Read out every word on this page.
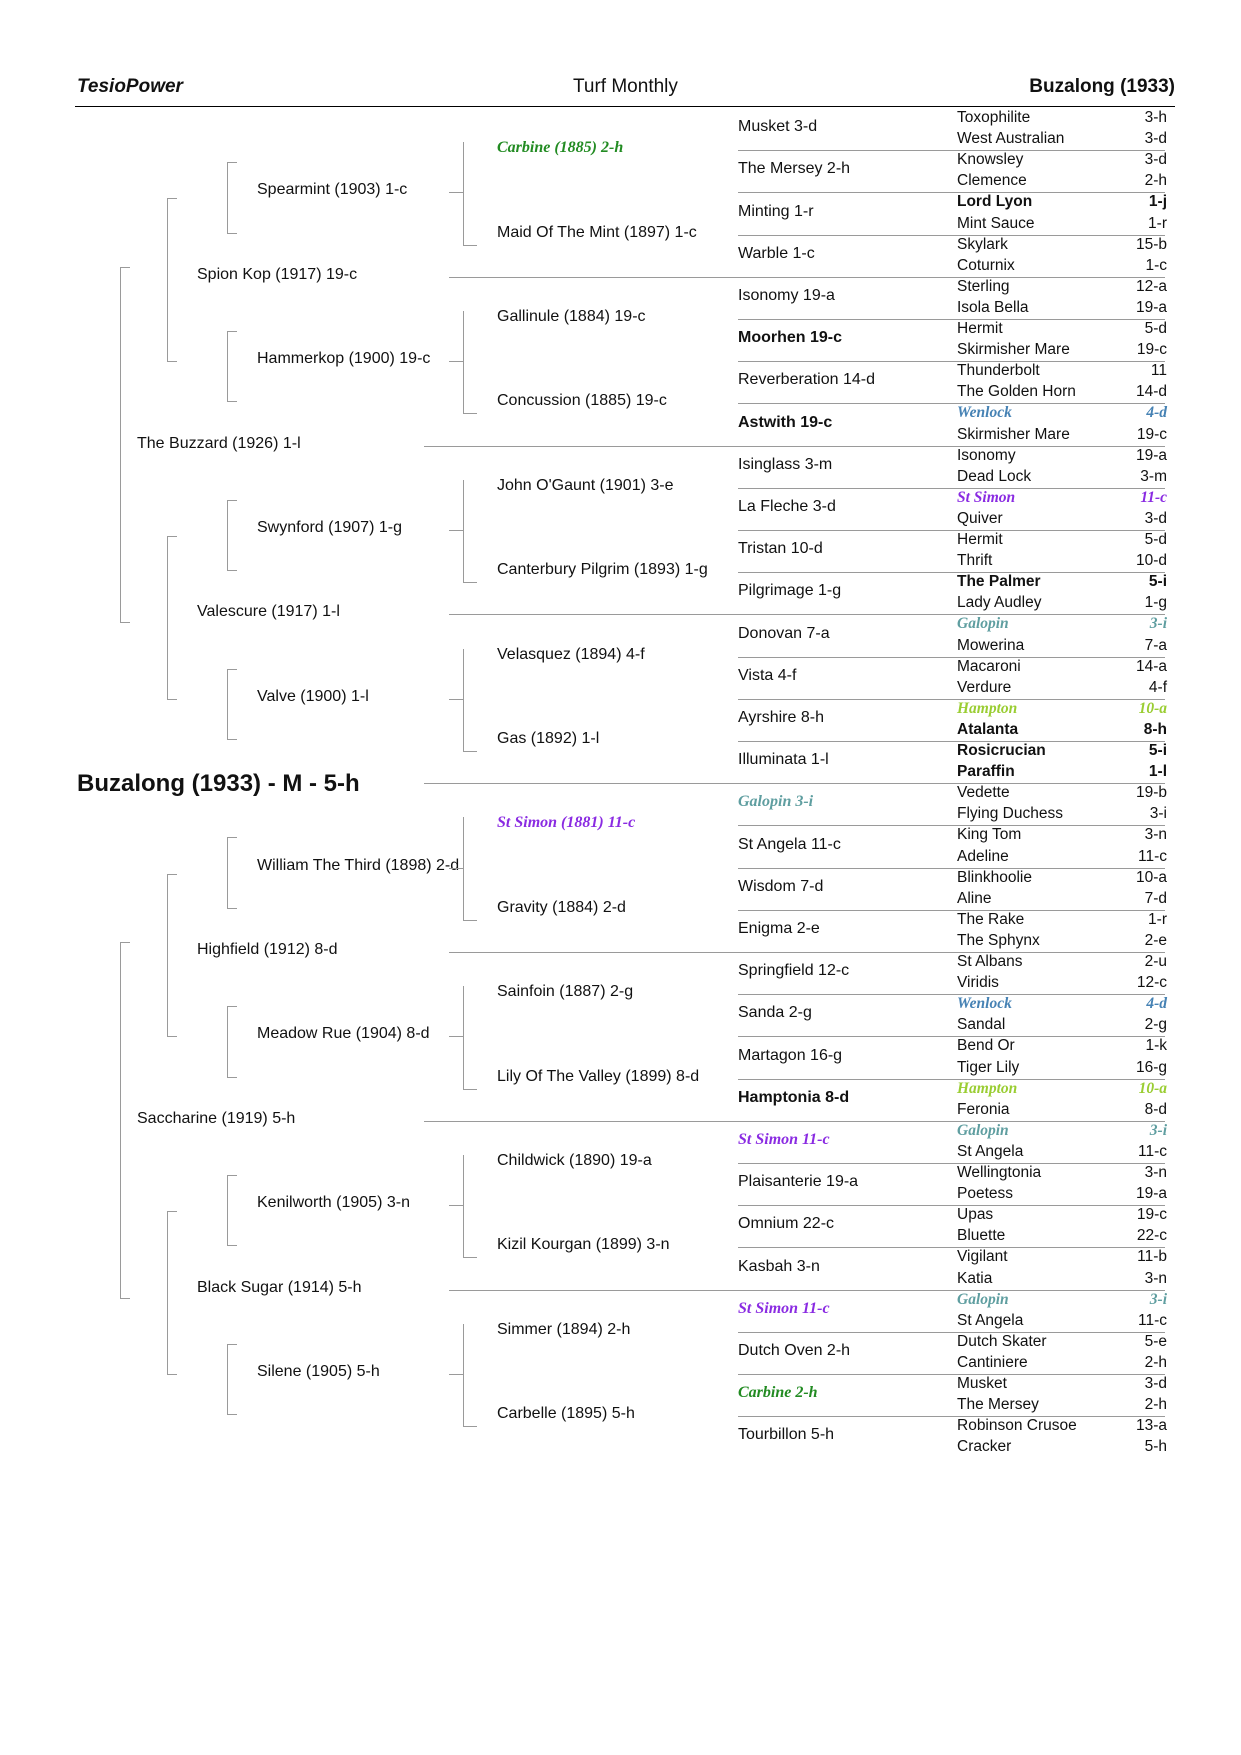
TesioPower	Turf Monthly	Buzalong (1933)
Buzalong (1933) - M - 5-h
The Buzzard (1926) 1-l
Saccharine (1919) 5-h
Spion Kop (1917) 19-c
Valescure (1917) 1-l
Highfield (1912) 8-d
Black Sugar (1914) 5-h
Spearmint (1903) 1-c
Hammerkop (1900) 19-c
Swynford (1907) 1-g
Valve (1900) 1-l
William The Third (1898) 2-d
Meadow Rue (1904) 8-d
Kenilworth (1905) 3-n
Silene (1905) 5-h
Carbine (1885) 2-h
Maid Of The Mint (1897) 1-c
Gallinule (1884) 19-c
Concussion (1885) 19-c
John O'Gaunt (1901) 3-e
Canterbury Pilgrim (1893) 1-g
Velasquez (1894) 4-f
Gas (1892) 1-l
St Simon (1881) 11-c
Gravity (1884) 2-d
Sainfoin (1887) 2-g
Lily Of The Valley (1899) 8-d
Childwick (1890) 19-a
Kizil Kourgan (1899) 3-n
Simmer (1894) 2-h
Carbelle (1895) 5-h
Musket 3-d
The Mersey 2-h
Minting 1-r
Warble 1-c
Isonomy 19-a
Moorhen 19-c
Reverberation 14-d
Astwith 19-c
Isinglass 3-m
La Fleche 3-d
Tristan 10-d
Pilgrimage 1-g
Donovan 7-a
Vista 4-f
Ayrshire 8-h
Illuminata 1-l
Galopin 3-i
St Angela 11-c
Wisdom 7-d
Enigma 2-e
Springfield 12-c
Sanda 2-g
Martagon 16-g
Hamptonia 8-d
St Simon 11-c
Plaisanterie 19-a
Omnium 22-c
Kasbah 3-n
St Simon 11-c
Dutch Oven 2-h
Carbine 2-h
Tourbillon 5-h
Toxophilite	3-h
West Australian	3-d
Knowsley	3-d
Clemence	2-h
Lord Lyon	1-j
Mint Sauce	1-r
Skylark	15-b
Coturnix	1-c
Sterling	12-a
Isola Bella	19-a
Hermit	5-d
Skirmisher Mare	19-c
Thunderbolt	11
The Golden Horn	14-d
Wenlock	4-d
Skirmisher Mare	19-c
Isonomy	19-a
Dead Lock	3-m
St Simon	11-c
Quiver	3-d
Hermit	5-d
Thrift	10-d
The Palmer	5-i
Lady Audley	1-g
Galopin	3-i
Mowerina	7-a
Macaroni	14-a
Verdure	4-f
Hampton	10-a
Atalanta	8-h
Rosicrucian	5-i
Paraffin	1-l
Vedette	19-b
Flying Duchess	3-i
King Tom	3-n
Adeline	11-c
Blinkhoolie	10-a
Aline	7-d
The Rake	1-r
The Sphynx	2-e
St Albans	2-u
Viridis	12-c
Wenlock	4-d
Sandal	2-g
Bend Or	1-k
Tiger Lily	16-g
Hampton	10-a
Feronia	8-d
Galopin	3-i
St Angela	11-c
Wellingtonia	3-n
Poetess	19-a
Upas	19-c
Bluette	22-c
Vigilant	11-b
Katia	3-n
Galopin	3-i
St Angela	11-c
Dutch Skater	5-e
Cantiniere	2-h
Musket	3-d
The Mersey	2-h
Robinson Crusoe	13-a
Cracker	5-h
